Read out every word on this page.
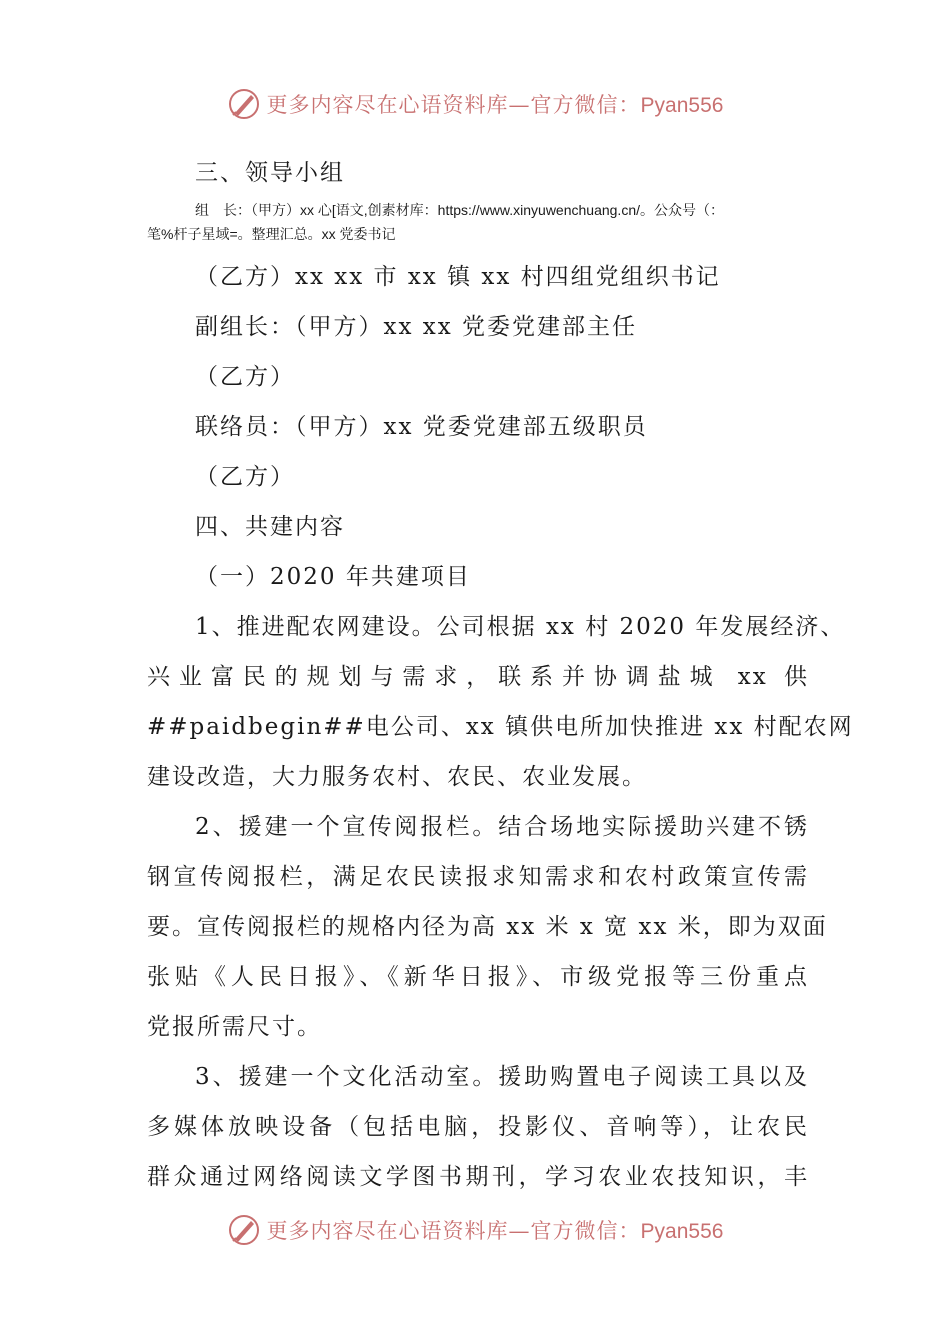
更多内容尽在心语资料库—官方微信：Pyan556
三、领导小组
组　长：（甲方）xx 心[语文,创素材库：https://www.xinyuwenchuang.cn/。公众号（：
笔%杆子星域=。整理汇总。xx 党委书记
（乙方）xx xx 市 xx 镇 xx 村四组党组织书记
副组长：（甲方）xx xx 党委党建部主任
（乙方）
联络员：（甲方）xx 党委党建部五级职员
（乙方）
四、共建内容
（一）2020 年共建项目
1、推进配农网建设。公司根据 xx 村 2020 年发展经济、
兴业富民的规划与需求，联系并协调盐城 xx 供
##paidbegin##电公司、xx 镇供电所加快推进 xx 村配农网
建设改造，大力服务农村、农民、农业发展。
2、援建一个宣传阅报栏。结合场地实际援助兴建不锈
钢宣传阅报栏，满足农民读报求知需求和农村政策宣传需
要。宣传阅报栏的规格内径为高 xx 米 x 宽 xx 米，即为双面
张贴《人民日报》、《新华日报》、市级党报等三份重点
党报所需尺寸。
3、援建一个文化活动室。援助购置电子阅读工具以及
多媒体放映设备（包括电脑，投影仪、音响等），让农民
群众通过网络阅读文学图书期刊，学习农业农技知识，丰
更多内容尽在心语资料库—官方微信：Pyan556
